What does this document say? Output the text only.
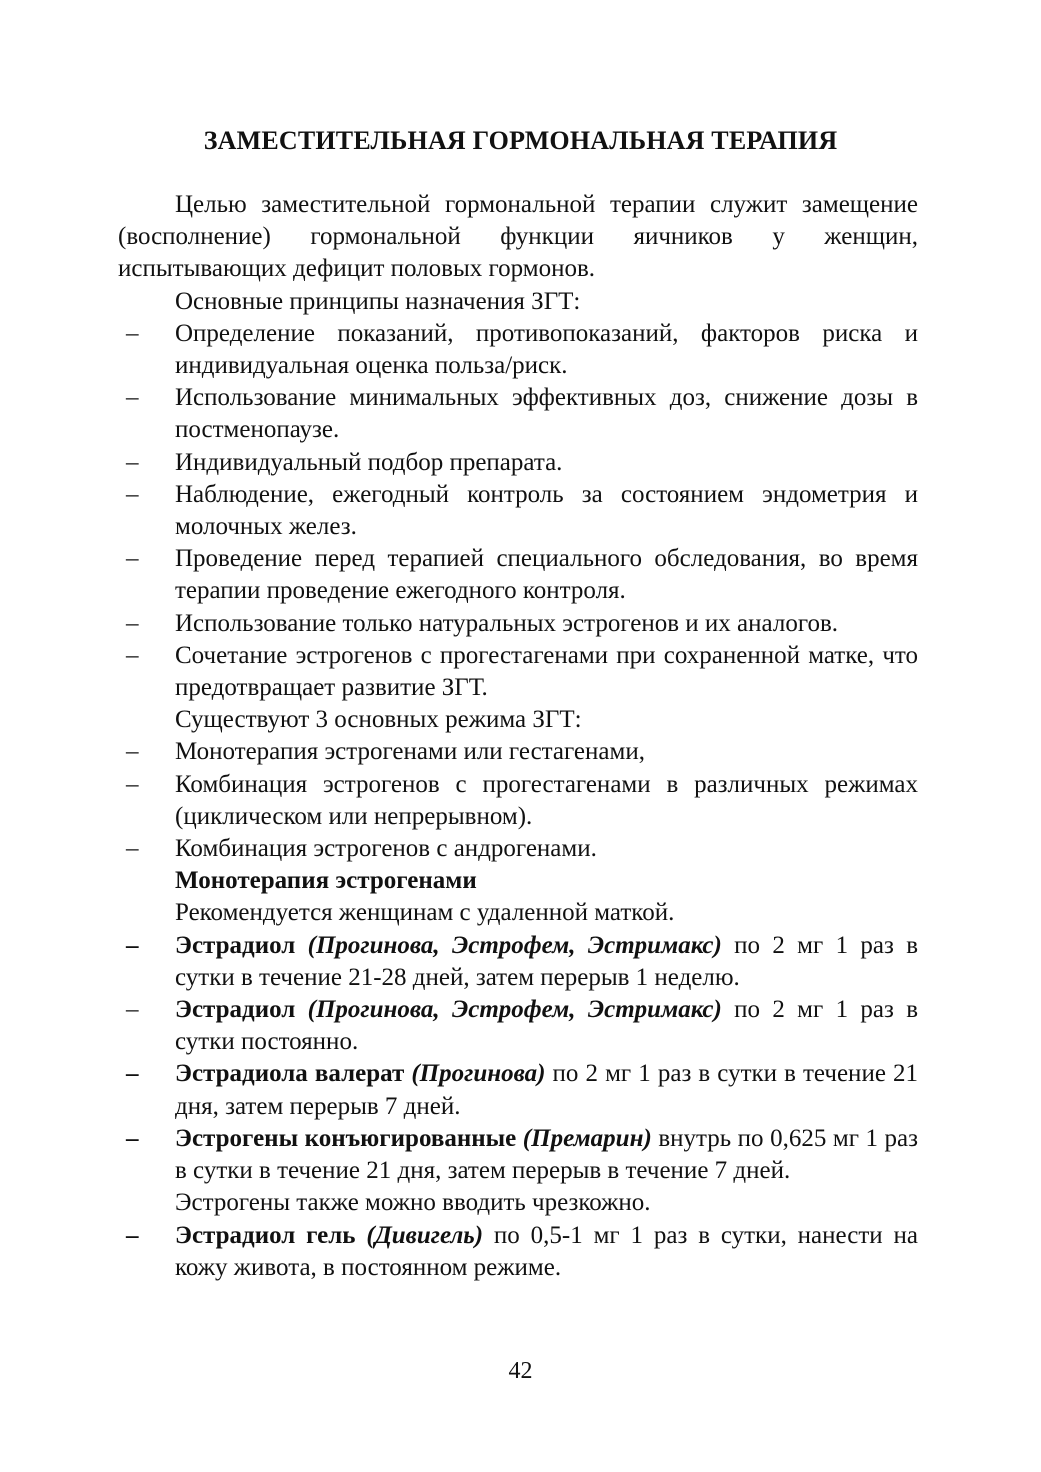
ЗАМЕСТИТЕЛЬНАЯ ГОРМОНАЛЬНАЯ ТЕРАПИЯ

Целью заместительной гормональной терапии служит замещение (восполнение) гормональной функции яичников у женщин, испытывающих дефицит половых гормонов.

Основные принципы назначения ЗГТ:

– Определение показаний, противопоказаний, факторов риска и индивидуальная оценка польза/риск.
– Использование минимальных эффективных доз, снижение дозы в постменопаузе.
– Индивидуальный подбор препарата.
– Наблюдение, ежегодный контроль за состоянием эндометрия и молочных желез.
– Проведение перед терапией специального обследования, во время терапии проведение ежегодного контроля.
– Использование только натуральных эстрогенов и их аналогов.
– Сочетание эстрогенов с прогестагенами при сохраненной матке, что предотвращает развитие ЗГТ.

Существуют 3 основных режима ЗГТ:

– Монотерапия эстрогенами или гестагенами,
– Комбинация эстрогенов с прогестагенами в различных режимах (циклическом или непрерывном).
– Комбинация эстрогенов с андрогенами.

Монотерапия эстрогенами

Рекомендуется женщинам с удаленной маткой.

– Эстрадиол (Прогинова, Эстрофем, Эстримакс) по 2 мг 1 раз в сутки в течение 21-28 дней, затем перерыв 1 неделю.
– Эстрадиол (Прогинова, Эстрофем, Эстримакс) по 2 мг 1 раз в сутки постоянно.
– Эстрадиола валерат (Прогинова) по 2 мг 1 раз в сутки в течение 21 дня, затем перерыв 7 дней.
– Эстрогены конъюгированные (Премарин) внутрь по 0,625 мг 1 раз в сутки в течение 21 дня, затем перерыв в течение 7 дней.

Эстрогены также можно вводить чрезкожно.

– Эстрадиол гель (Дивигель) по 0,5-1 мг 1 раз в сутки, нанести на кожу живота, в постоянном режиме.
42
